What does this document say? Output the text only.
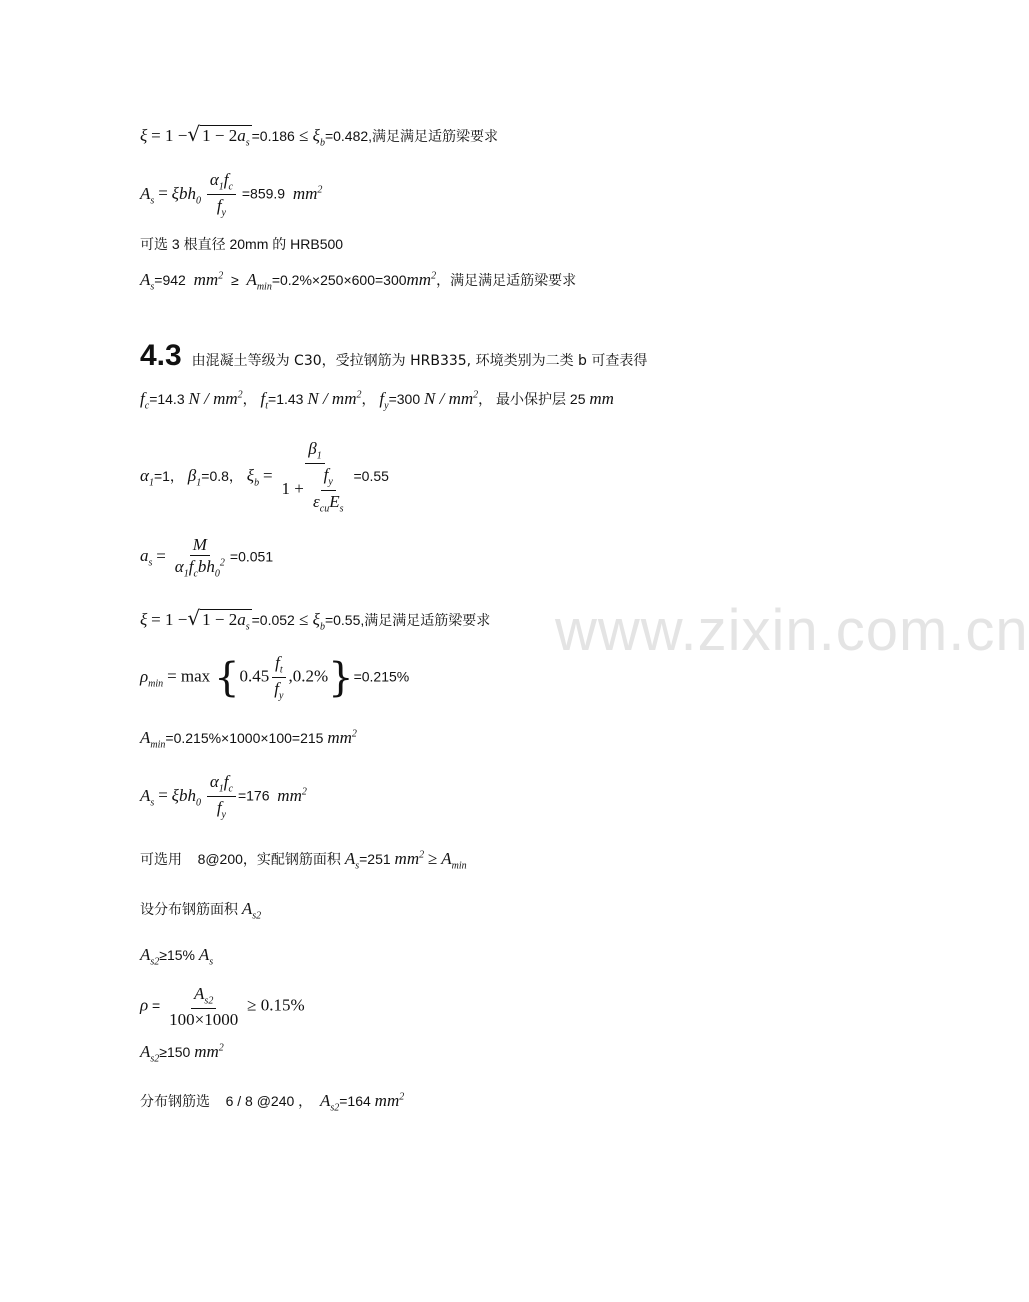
www.zixin.com.cn
ξ = 1 −√ $1 - 2a_s =0.186 \le \xi_b=0.482$,满足满足适筋梁要求
$A_s = \xi bh_0 \frac{\alpha_1f_c}{f_y} =859.9$ $mm^2$
可选 3 根直径 20mm 的 HRB500
$A_s=942$ $mm^2 \ge A_{min}=0.2\%\times 250\times 600=300mm^2$，满足满足适筋梁要求
4.3 由混凝土等级为 C30，受拉钢筋为 HRB335, 环境类别为二类 b 可查表得
$f_c=14.3$ N / $mm^2$， $f_t=1.43$ N / $mm^2$， $f_y=300$ N / $mm^2$， 最小保护层 25 mm
$\alpha_1=1$， $\beta_1=0.8$， $\xi_b = \frac{\beta_1}{1 + \frac{f_y}{\varepsilon_{cu}E_s}} =0.55$
$a_s = \frac{M}{\alpha_1f_cbh_0^2} =0.051$
ξ = 1 −√ $1 - 2a_s =0.052 \le \xi_b=0.55$,满足满足适筋梁要求
$\rho_{min} = \max \{0.45 \frac{f_t}{f_y} ,0.2\%\}=0.215\%$
$A_{min}=0.215\%\times 1000\times 100=215$ $mm^2$
$A_s = \xi bh_0 \frac{\alpha_1f_c}{f_y} =176$ $mm^2$
可选用 8@200，实配钢筋面积 $A_s=251$ $mm^2 \ge A_{min}$
设分布钢筋面积 $A_{s2}$
$A_{s2}\ge 15\%$ $A_s$
$\rho = \frac{A_{s2}}{100\times 1000} \ge 0.15\%$
$A_{s2}\ge 150$ $mm^2$
分布钢筋选 6 / 8 @240 ， $A_{s2}=164$ $mm^2$
